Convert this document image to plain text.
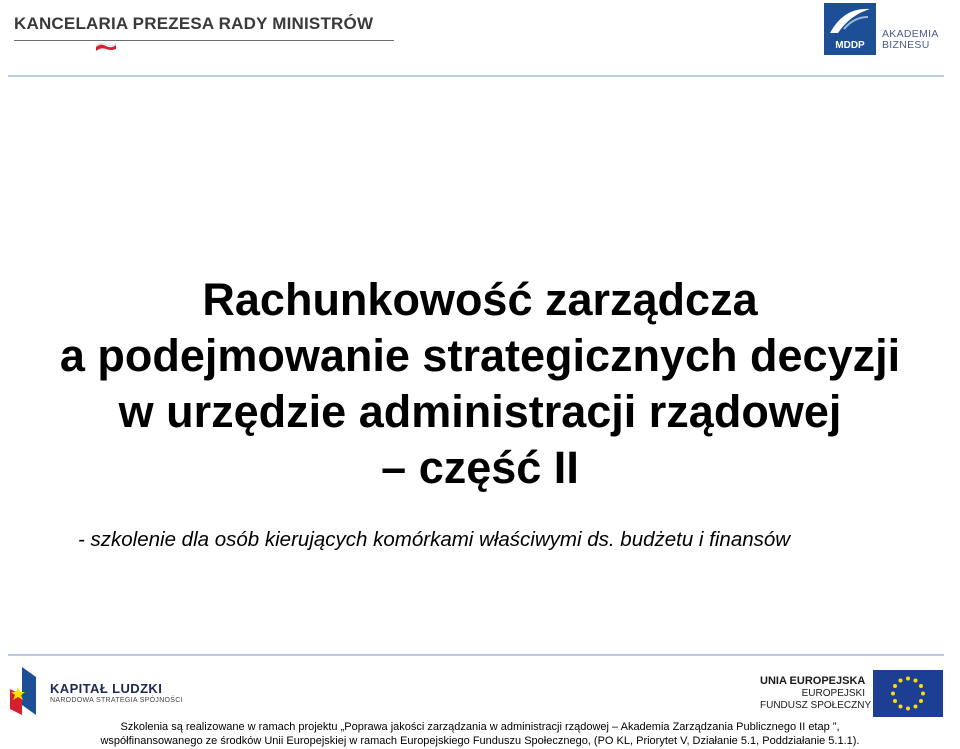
KANCELARIA PREZESA RADY MINISTRÓW
MDDP
AKADEMIA
BIZNESU
Rachunkowość zarządcza
a podejmowanie strategicznych decyzji
w urzędzie administracji rządowej
– część II
- szkolenie dla osób kierujących komórkami właściwymi ds. budżetu i finansów
KAPITAŁ LUDZKI
NARODOWA STRATEGIA SPÓJNOŚCI
UNIA EUROPEJSKA
EUROPEJSKI
FUNDUSZ SPOŁECZNY
Szkolenia są realizowane w ramach projektu „Poprawa jakości zarządzania w administracji rządowej – Akademia Zarządzania Publicznego II etap ”,
współfinansowanego ze środków Unii Europejskiej w ramach Europejskiego Funduszu Społecznego, (PO KL, Priorytet V, Działanie 5.1, Poddziałanie 5.1.1).
